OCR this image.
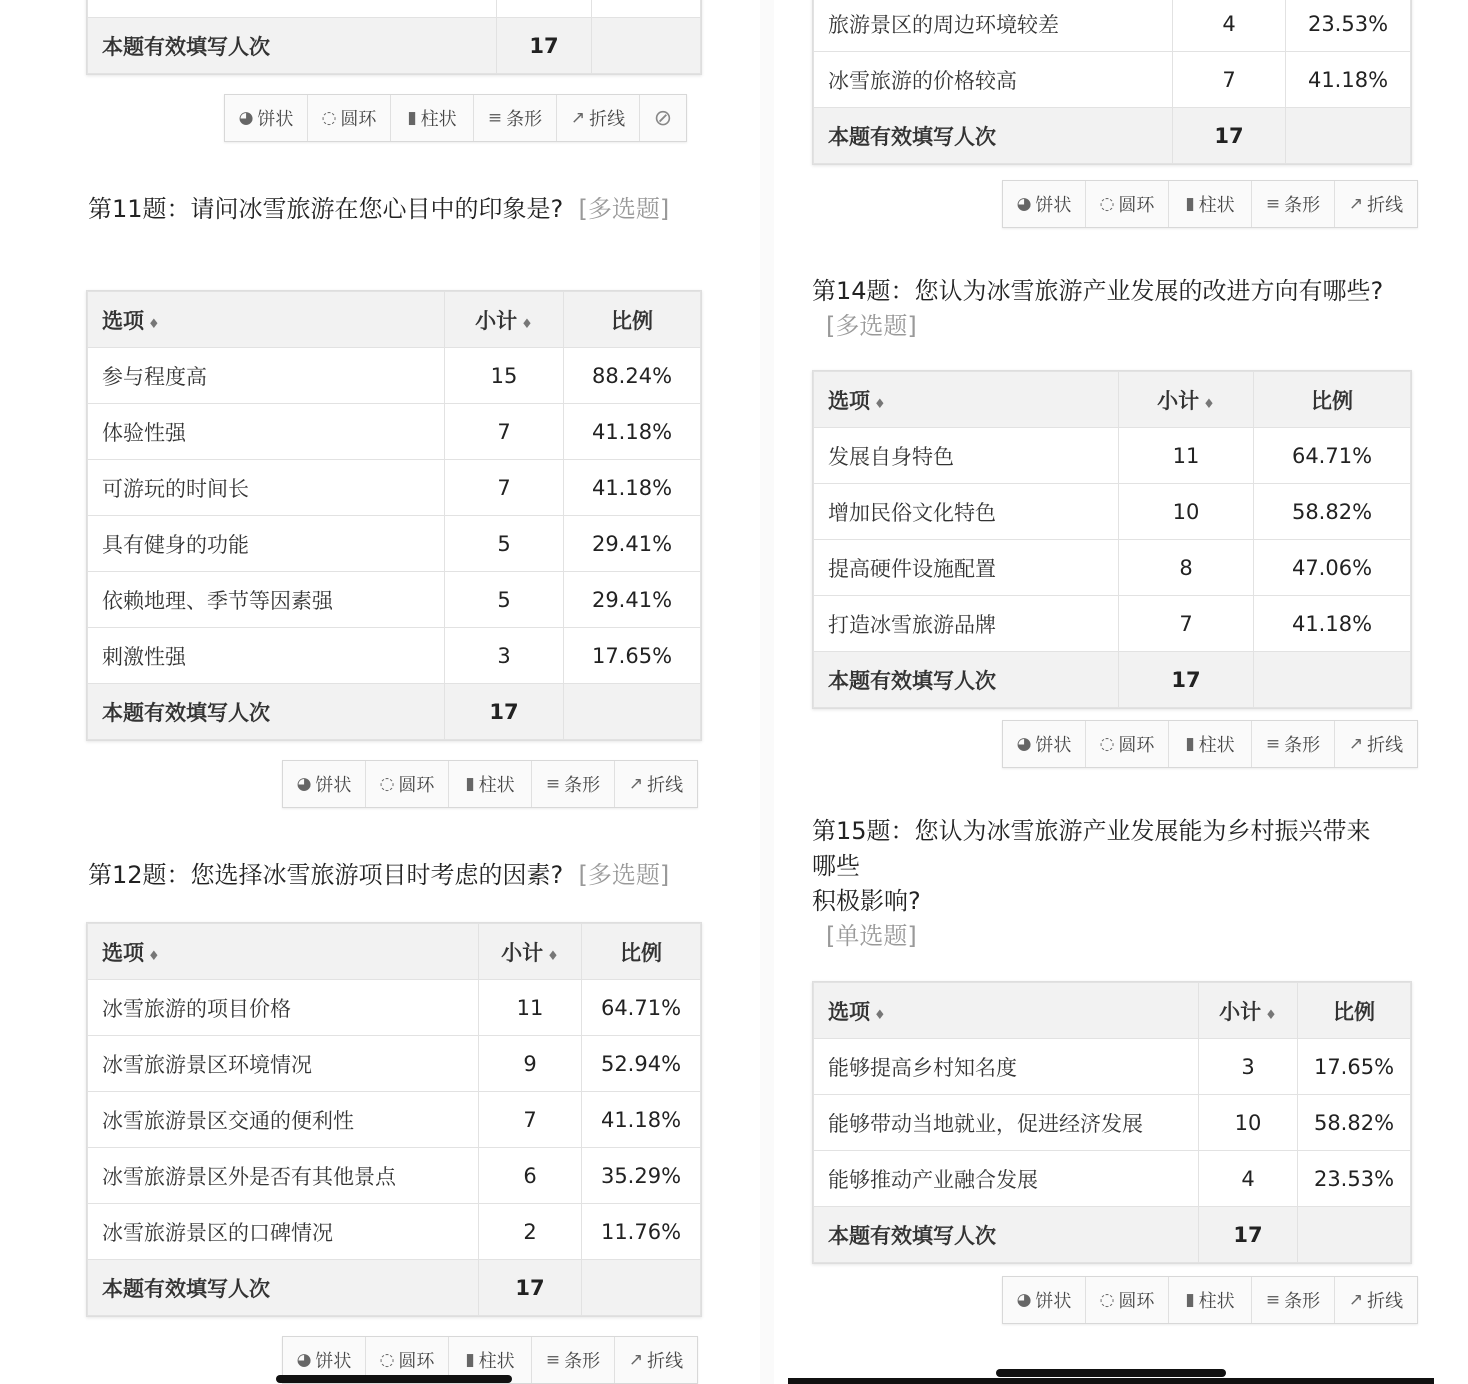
本题有效填写人次	17	
◕ 饼状 ◌ 圆环 ▮ 柱状 ≡ 条形 ↗ 折线 ⊘
第11题：请问冰雪旅游在您心目中的印象是? [多选题]
选项 ♦	小计 ♦	比例
参与程度高	15	88.24%
体验性强	7	41.18%
可游玩的时间长	7	41.18%
具有健身的功能	5	29.41%
依赖地理、季节等因素强	5	29.41%
刺激性强	3	17.65%
本题有效填写人次	17	
◕ 饼状 ◌ 圆环 ▮ 柱状 ≡ 条形 ↗ 折线
第12题：您选择冰雪旅游项目时考虑的因素? [多选题]
选项 ♦	小计 ♦	比例
冰雪旅游的项目价格	11	64.71%
冰雪旅游景区环境情况	9	52.94%
冰雪旅游景区交通的便利性	7	41.18%
冰雪旅游景区外是否有其他景点	6	35.29%
冰雪旅游景区的口碑情况	2	11.76%
本题有效填写人次	17	
◕ 饼状 ◌ 圆环 ▮ 柱状 ≡ 条形 ↗ 折线
旅游景区的周边环境较差	4	23.53%
冰雪旅游的价格较高	7	41.18%
本题有效填写人次	17	
◕ 饼状 ◌ 圆环 ▮ 柱状 ≡ 条形 ↗ 折线
第14题：您认为冰雪旅游产业发展的改进方向有哪些?
[多选题]
选项 ♦	小计 ♦	比例
发展自身特色	11	64.71%
增加民俗文化特色	10	58.82%
提高硬件设施配置	8	47.06%
打造冰雪旅游品牌	7	41.18%
本题有效填写人次	17	
◕ 饼状 ◌ 圆环 ▮ 柱状 ≡ 条形 ↗ 折线
第15题：您认为冰雪旅游产业发展能为乡村振兴带来
哪些
积极影响?
[单选题]
选项 ♦	小计 ♦	比例
能够提高乡村知名度	3	17.65%
能够带动当地就业，促进经济发展	10	58.82%
能够推动产业融合发展	4	23.53%
本题有效填写人次	17	
◕ 饼状 ◌ 圆环 ▮ 柱状 ≡ 条形 ↗ 折线
